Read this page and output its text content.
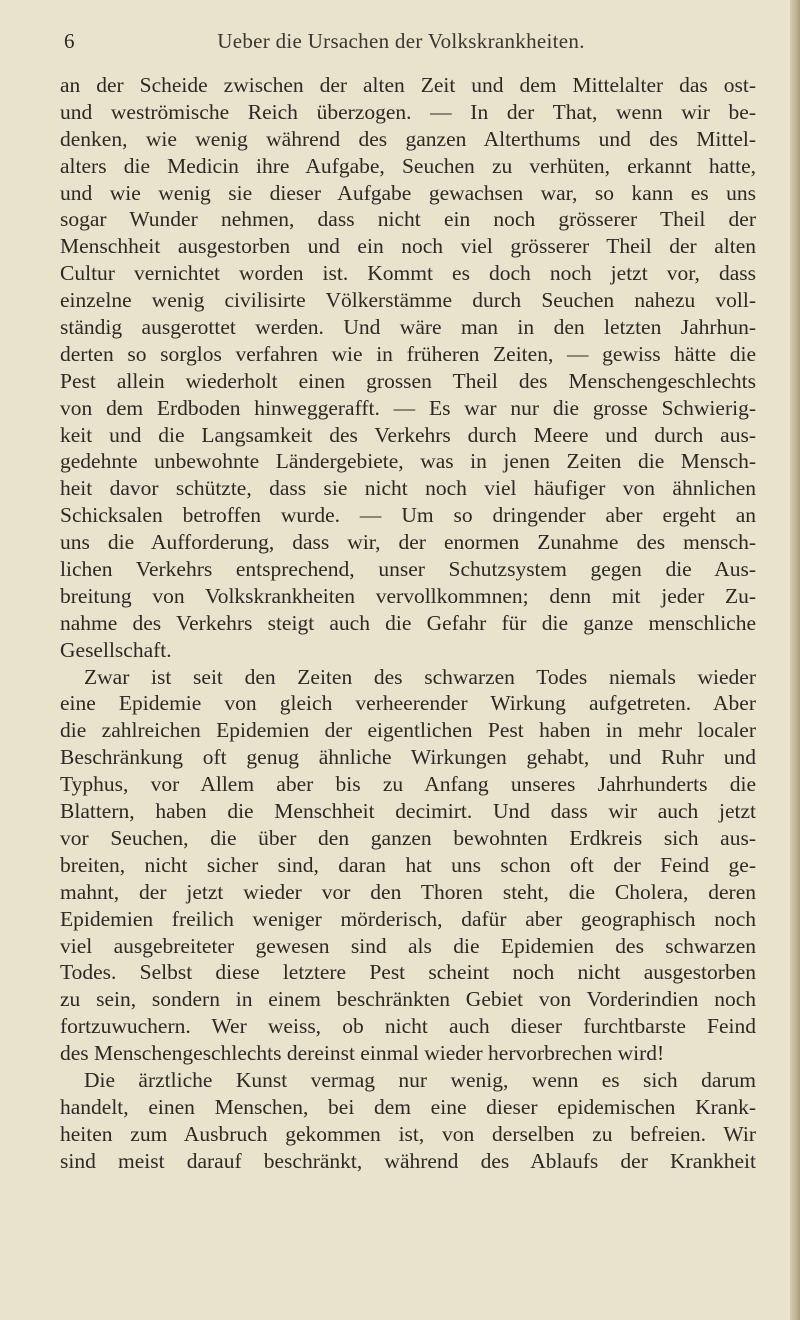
6	Ueber die Ursachen der Volkskrankheiten.
an der Scheide zwischen der alten Zeit und dem Mittelalter das ost-
und weströmische Reich überzogen. — In der That, wenn wir be-
denken, wie wenig während des ganzen Alterthums und des Mittel-
alters die Medicin ihre Aufgabe, Seuchen zu verhüten, erkannt hatte,
und wie wenig sie dieser Aufgabe gewachsen war, so kann es uns
sogar Wunder nehmen, dass nicht ein noch grösserer Theil der
Menschheit ausgestorben und ein noch viel grösserer Theil der alten
Cultur vernichtet worden ist. Kommt es doch noch jetzt vor, dass
einzelne wenig civilisirte Völkerstämme durch Seuchen nahezu voll-
ständig ausgerottet werden. Und wäre man in den letzten Jahrhun-
derten so sorglos verfahren wie in früheren Zeiten, — gewiss hätte die
Pest allein wiederholt einen grossen Theil des Menschengeschlechts
von dem Erdboden hinweggerafft. — Es war nur die grosse Schwierig-
keit und die Langsamkeit des Verkehrs durch Meere und durch aus-
gedehnte unbewohnte Ländergebiete, was in jenen Zeiten die Mensch-
heit davor schützte, dass sie nicht noch viel häufiger von ähnlichen
Schicksalen betroffen wurde. — Um so dringender aber ergeht an
uns die Aufforderung, dass wir, der enormen Zunahme des mensch-
lichen Verkehrs entsprechend, unser Schutzsystem gegen die Aus-
breitung von Volkskrankheiten vervollkommnen; denn mit jeder Zu-
nahme des Verkehrs steigt auch die Gefahr für die ganze menschliche
Gesellschaft.
Zwar ist seit den Zeiten des schwarzen Todes niemals wieder
eine Epidemie von gleich verheerender Wirkung aufgetreten. Aber
die zahlreichen Epidemien der eigentlichen Pest haben in mehr localer
Beschränkung oft genug ähnliche Wirkungen gehabt, und Ruhr und
Typhus, vor Allem aber bis zu Anfang unseres Jahrhunderts die
Blattern, haben die Menschheit decimirt. Und dass wir auch jetzt
vor Seuchen, die über den ganzen bewohnten Erdkreis sich aus-
breiten, nicht sicher sind, daran hat uns schon oft der Feind ge-
mahnt, der jetzt wieder vor den Thoren steht, die Cholera, deren
Epidemien freilich weniger mörderisch, dafür aber geographisch noch
viel ausgebreiteter gewesen sind als die Epidemien des schwarzen
Todes. Selbst diese letztere Pest scheint noch nicht ausgestorben
zu sein, sondern in einem beschränkten Gebiet von Vorderindien noch
fortzuwuchern. Wer weiss, ob nicht auch dieser furchtbarste Feind
des Menschengeschlechts dereinst einmal wieder hervorbrechen wird!
Die ärztliche Kunst vermag nur wenig, wenn es sich darum
handelt, einen Menschen, bei dem eine dieser epidemischen Krank-
heiten zum Ausbruch gekommen ist, von derselben zu befreien. Wir
sind meist darauf beschränkt, während des Ablaufs der Krankheit
